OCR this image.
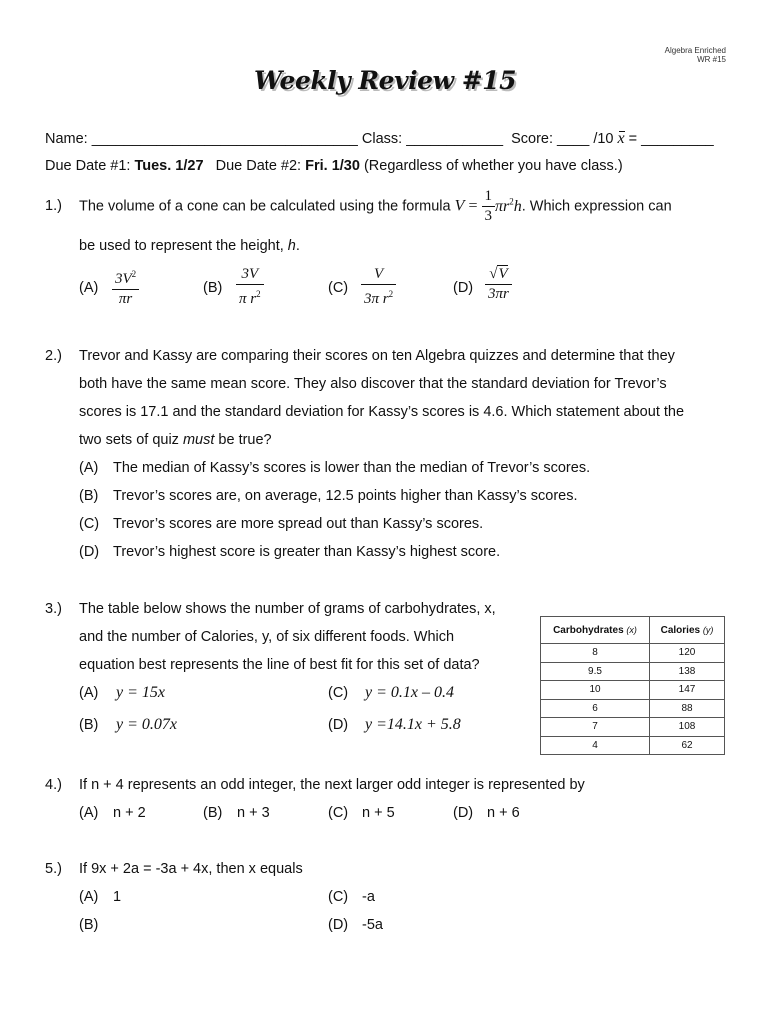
Algebra Enriched
WR #15
Weekly Review #15
Name: _________________________________ Class: ____________ Score: ____ /10 x = _________
Due Date #1: Tues. 1/27 Due Date #2: Fri. 1/30 (Regardless of whether you have class.)
1.) The volume of a cone can be calculated using the formula $V = \frac{1}{3} \pi r^2h$. Which expression can
be used to represent the height, h.
$(A) \frac{3V^2}{\pi r}$	$(B) \frac{3V}{\pi r^2}$	$(C) \frac{V}{3\pi r^2}$	$(D) \frac{√V}{3\pi r}$
2.) Trevor and Kassy are comparing their scores on ten Algebra quizzes and determine that they
both have the same mean score. They also discover that the standard deviation for Trevor’s
scores is 17.1 and the standard deviation for Kassy’s scores is 4.6. Which statement about the
two sets of quiz must be true?
(A) The median of Kassy’s scores is lower than the median of Trevor’s scores.
(B) Trevor’s scores are, on average, 12.5 points higher than Kassy’s scores.
(C) Trevor’s scores are more spread out than Kassy’s scores.
(D) Trevor’s highest score is greater than Kassy’s highest score.
3.) The table below shows the number of grams of carbohydrates, x,
and the number of Calories, y, of six different foods. Which
equation best represents the line of best fit for this set of data?
(A) y = 15x	(C) y = 0.1x – 0.4
(B) y = 0.07x	(D) y =14.1x + 5.8
Carbohydrates (x)	Calories (y)
8	120
9.5	138
10	147
6	88
7	108
4	62
4.) If n + 4 represents an odd integer, the next larger odd integer is represented by
(A) n + 2	(B) n + 3	(C) n + 5	(D) n + 6
5.) If 9x + 2a = -3a + 4x, then x equals
(A) 1	(C) -a
(B)	(D) -5a
